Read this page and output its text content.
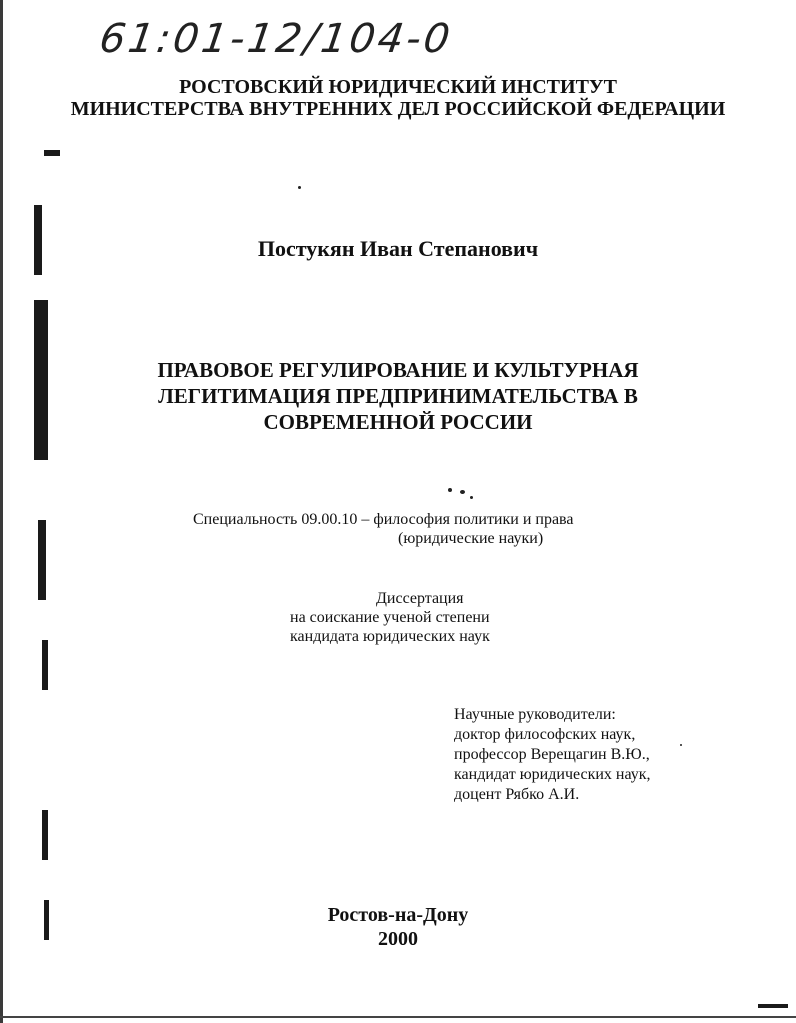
61:01-12/104-0
РОСТОВСКИЙ ЮРИДИЧЕСКИЙ ИНСТИТУТ
МИНИСТЕРСТВА ВНУТРЕННИХ ДЕЛ РОССИЙСКОЙ ФЕДЕРАЦИИ
Постукян Иван Степанович
ПРАВОВОЕ РЕГУЛИРОВАНИЕ И КУЛЬТУРНАЯ
ЛЕГИТИМАЦИЯ ПРЕДПРИНИМАТЕЛЬСТВА В
СОВРЕМЕННОЙ РОССИИ
Специальность 09.00.10 – философия политики и права
(юридические науки)
Диссертация
на соискание ученой степени
кандидата юридических наук
Научные руководители:
доктор философских наук,
профессор Верещагин В.Ю.,
кандидат юридических наук,
доцент Рябко А.И.
Ростов-на-Дону
2000
